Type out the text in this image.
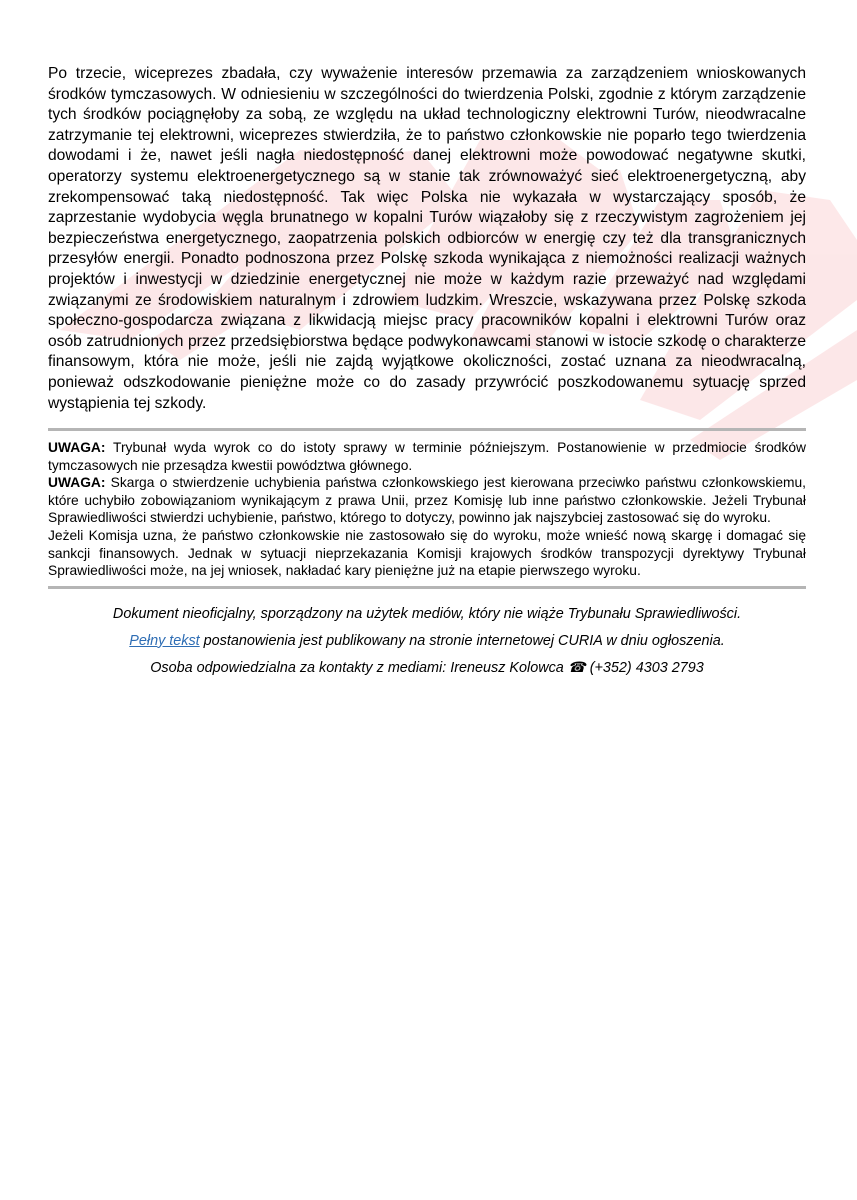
Po trzecie, wiceprezes zbadała, czy wyważenie interesów przemawia za zarządzeniem wnioskowanych środków tymczasowych. W odniesieniu w szczególności do twierdzenia Polski, zgodnie z którym zarządzenie tych środków pociągnęłoby za sobą, ze względu na układ technologiczny elektrowni Turów, nieodwracalne zatrzymanie tej elektrowni, wiceprezes stwierdziła, że to państwo członkowskie nie poparło tego twierdzenia dowodami i że, nawet jeśli nagła niedostępność danej elektrowni może powodować negatywne skutki, operatorzy systemu elektroenergetycznego są w stanie tak zrównoważyć sieć elektroenergetyczną, aby zrekompensować taką niedostępność. Tak więc Polska nie wykazała w wystarczający sposób, że zaprzestanie wydobycia węgla brunatnego w kopalni Turów wiązałoby się z rzeczywistym zagrożeniem jej bezpieczeństwa energetycznego, zaopatrzenia polskich odbiorców w energię czy też dla transgranicznych przesyłów energii. Ponadto podnoszona przez Polskę szkoda wynikająca z niemożności realizacji ważnych projektów i inwestycji w dziedzinie energetycznej nie może w każdym razie przeważyć nad względami związanymi ze środowiskiem naturalnym i zdrowiem ludzkim. Wreszcie, wskazywana przez Polskę szkoda społeczno-gospodarcza związana z likwidacją miejsc pracy pracowników kopalni i elektrowni Turów oraz osób zatrudnionych przez przedsiębiorstwa będące podwykonawcami stanowi w istocie szkodę o charakterze finansowym, która nie może, jeśli nie zajdą wyjątkowe okoliczności, zostać uznana za nieodwracalną, ponieważ odszkodowanie pieniężne może co do zasady przywrócić poszkodowanemu sytuację sprzed wystąpienia tej szkody.

UWAGA: Trybunał wyda wyrok co do istoty sprawy w terminie późniejszym. Postanowienie w przedmiocie środków tymczasowych nie przesądza kwestii powództwa głównego.

UWAGA: Skarga o stwierdzenie uchybienia państwa członkowskiego jest kierowana przeciwko państwu członkowskiemu, które uchybiło zobowiązaniom wynikającym z prawa Unii, przez Komisję lub inne państwo członkowskie. Jeżeli Trybunał Sprawiedliwości stwierdzi uchybienie, państwo, którego to dotyczy, powinno jak najszybciej zastosować się do wyroku.

Jeżeli Komisja uzna, że państwo członkowskie nie zastosowało się do wyroku, może wnieść nową skargę i domagać się sankcji finansowych. Jednak w sytuacji nieprzekazania Komisji krajowych środków transpozycji dyrektywy Trybunał Sprawiedliwości może, na jej wniosek, nakładać kary pieniężne już na etapie pierwszego wyroku.

Dokument nieoficjalny, sporządzony na użytek mediów, który nie wiąże Trybunału Sprawiedliwości.

Pełny tekst postanowienia jest publikowany na stronie internetowej CURIA w dniu ogłoszenia.

Osoba odpowiedzialna za kontakty z mediami: Ireneusz Kolowca ☎ (+352) 4303 2793
